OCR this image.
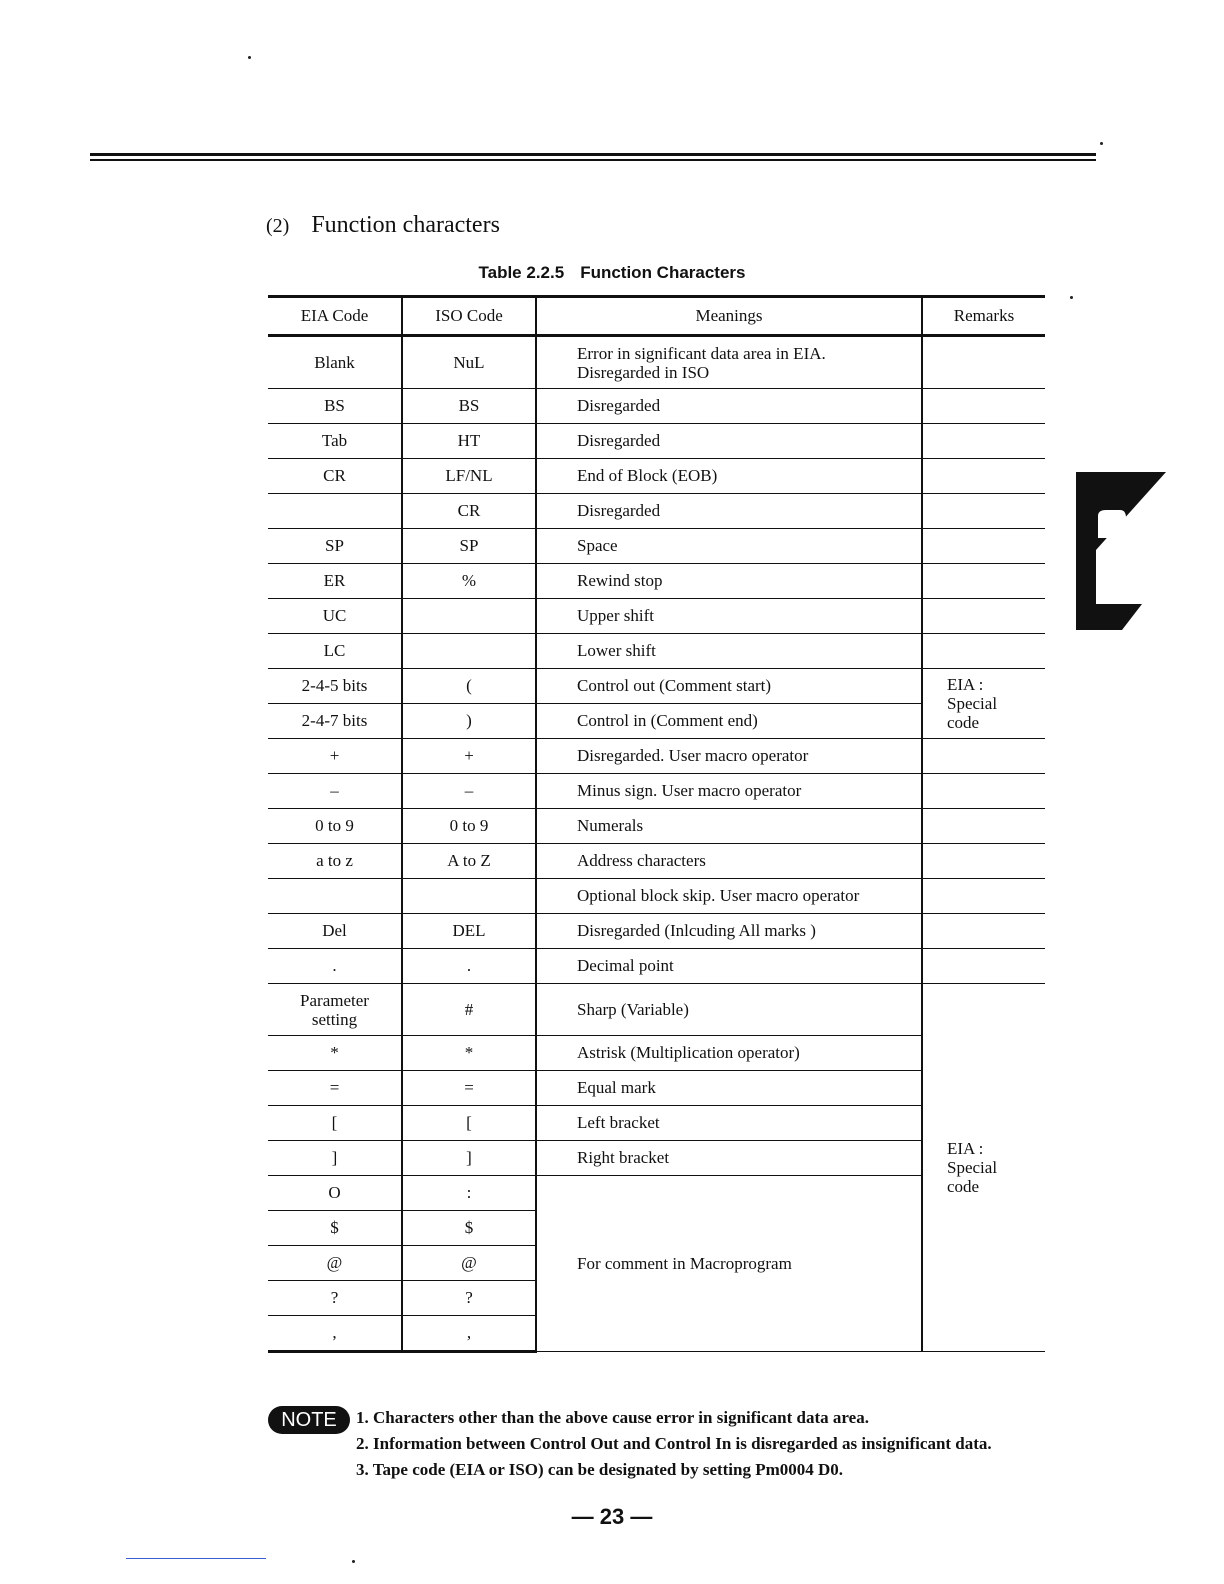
(2) Function characters
Table 2.2.5 Function Characters
EIA Code	ISO Code	Meanings	Remarks
Blank	NuL	Error in significant data area in EIA.
Disregarded in ISO	
BS	BS	Disregarded	
Tab	HT	Disregarded	
CR	LF/NL	End of Block (EOB)	
	CR	Disregarded	
SP	SP	Space	
ER	%	Rewind stop	
UC		Upper shift	
LC		Lower shift	
2-4-5 bits	(	Control out (Comment start)	EIA :
Special
code
2-4-7 bits	)	Control in (Comment end)	
+	+	Disregarded. User macro operator	
–	–	Minus sign. User macro operator	
0 to 9	0 to 9	Numerals	
a to z	A to Z	Address characters	
		Optional block skip. User macro operator	
Del	DEL	Disregarded (Inlcuding All marks )	
.	.	Decimal point	
Parameter
setting	#	Sharp (Variable)	EIA :
Special
code
*	*	Astrisk (Multiplication operator)	
=	=	Equal mark	
[	[	Left bracket	
]	]	Right bracket	
O	:	For comment in Macroprogram	
$	$		
@	@		
?	?		
,	,		
NOTE	1. Characters other than the above cause error in significant data area.
2. Information between Control Out and Control In is disregarded as insignificant data.
3. Tape code (EIA or ISO) can be designated by setting Pm0004 D0.
— 23 —
